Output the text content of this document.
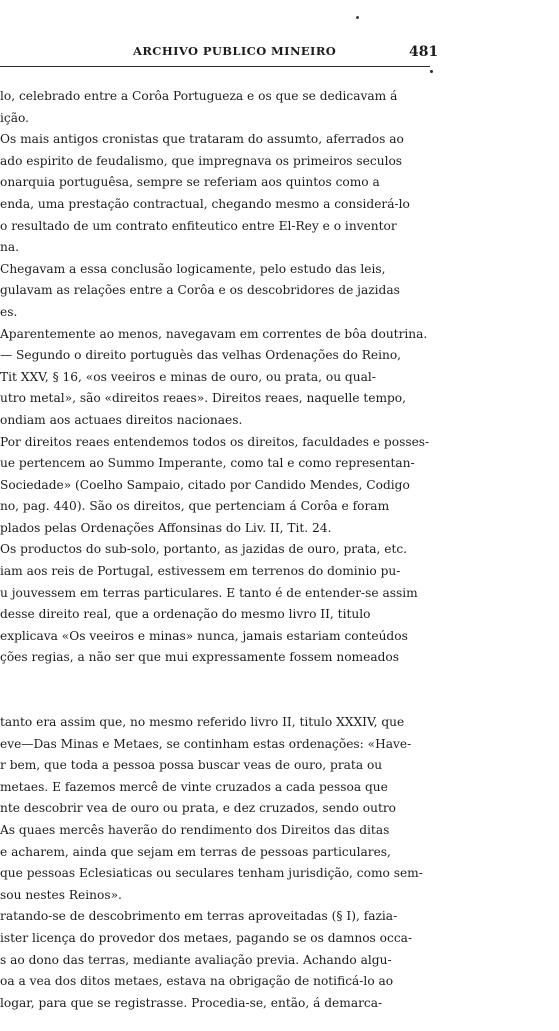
ARCHIVO PUBLICO MINEIRO	481
lo, celebrado entre a Corôa Portugueza e os que se dedicavam á
ição.
Os mais antigos cronistas que trataram do assumto, aferrados ao
ado espirito de feudalismo, que impregnava os primeiros seculos
onarquia portuguêsa, sempre se referiam aos quintos como a
enda, uma prestação contractual, chegando mesmo a considerá-lo
o resultado de um contrato enfiteutico entre El-Rey e o inventor
na.
Chegavam a essa conclusão logicamente, pelo estudo das leis,
gulavam as relações entre a Corôa e os descobridores de jazidas
es.
Aparentemente ao menos, navegavam em correntes de bôa doutrina.
— Segundo o direito portuguès das velhas Ordenações do Reino,
Tit XXV, § 16, «os veeiros e minas de ouro, ou prata, ou qual-
utro metal», são «direitos reaes». Direitos reaes, naquelle tempo,
ondiam aos actuaes direitos nacionaes.
Por direitos reaes entendemos todos os direitos, faculdades e posses-
ue pertencem ao Summo Imperante, como tal e como representan-
Sociedade» (Coelho Sampaio, citado por Candido Mendes, Codigo
no, pag. 440). São os direitos, que pertenciam á Corôa e foram
plados pelas Ordenações Affonsinas do Liv. II, Tit. 24.
Os productos do sub-solo, portanto, as jazidas de ouro, prata, etc.
iam aos reis de Portugal, estivessem em terrenos do dominio pu-
u jouvessem em terras particulares. E tanto é de entender-se assim
desse direito real, que a ordenação do mesmo livro II, titulo
explicava «Os veeiros e minas» nunca, jamais estariam conteúdos
ções regias, a não ser que mui expressamente fossem nomeados
tanto era assim que, no mesmo referido livro II, titulo XXXIV, que
eve—Das Minas e Metaes, se continham estas ordenações: «Have-
r bem, que toda a pessoa possa buscar veas de ouro, prata ou
metaes. E fazemos mercê de vinte cruzados a cada pessoa que
nte descobrir vea de ouro ou prata, e dez cruzados, sendo outro
As quaes mercês haverão do rendimento dos Direitos das ditas
e acharem, ainda que sejam em terras de pessoas particulares,
que pessoas Eclesiaticas ou seculares tenham jurisdição, como sem-
sou nestes Reinos».
ratando-se de descobrimento em terras aproveitadas (§ I), fazia-
ister licença do provedor dos metaes, pagando se os damnos occa-
s ao dono das terras, mediante avaliação previa. Achando algu-
oa a vea dos ditos metaes, estava na obrigação de notificá-lo ao
logar, para que se registrasse. Procedia-se, então, á demarca-
